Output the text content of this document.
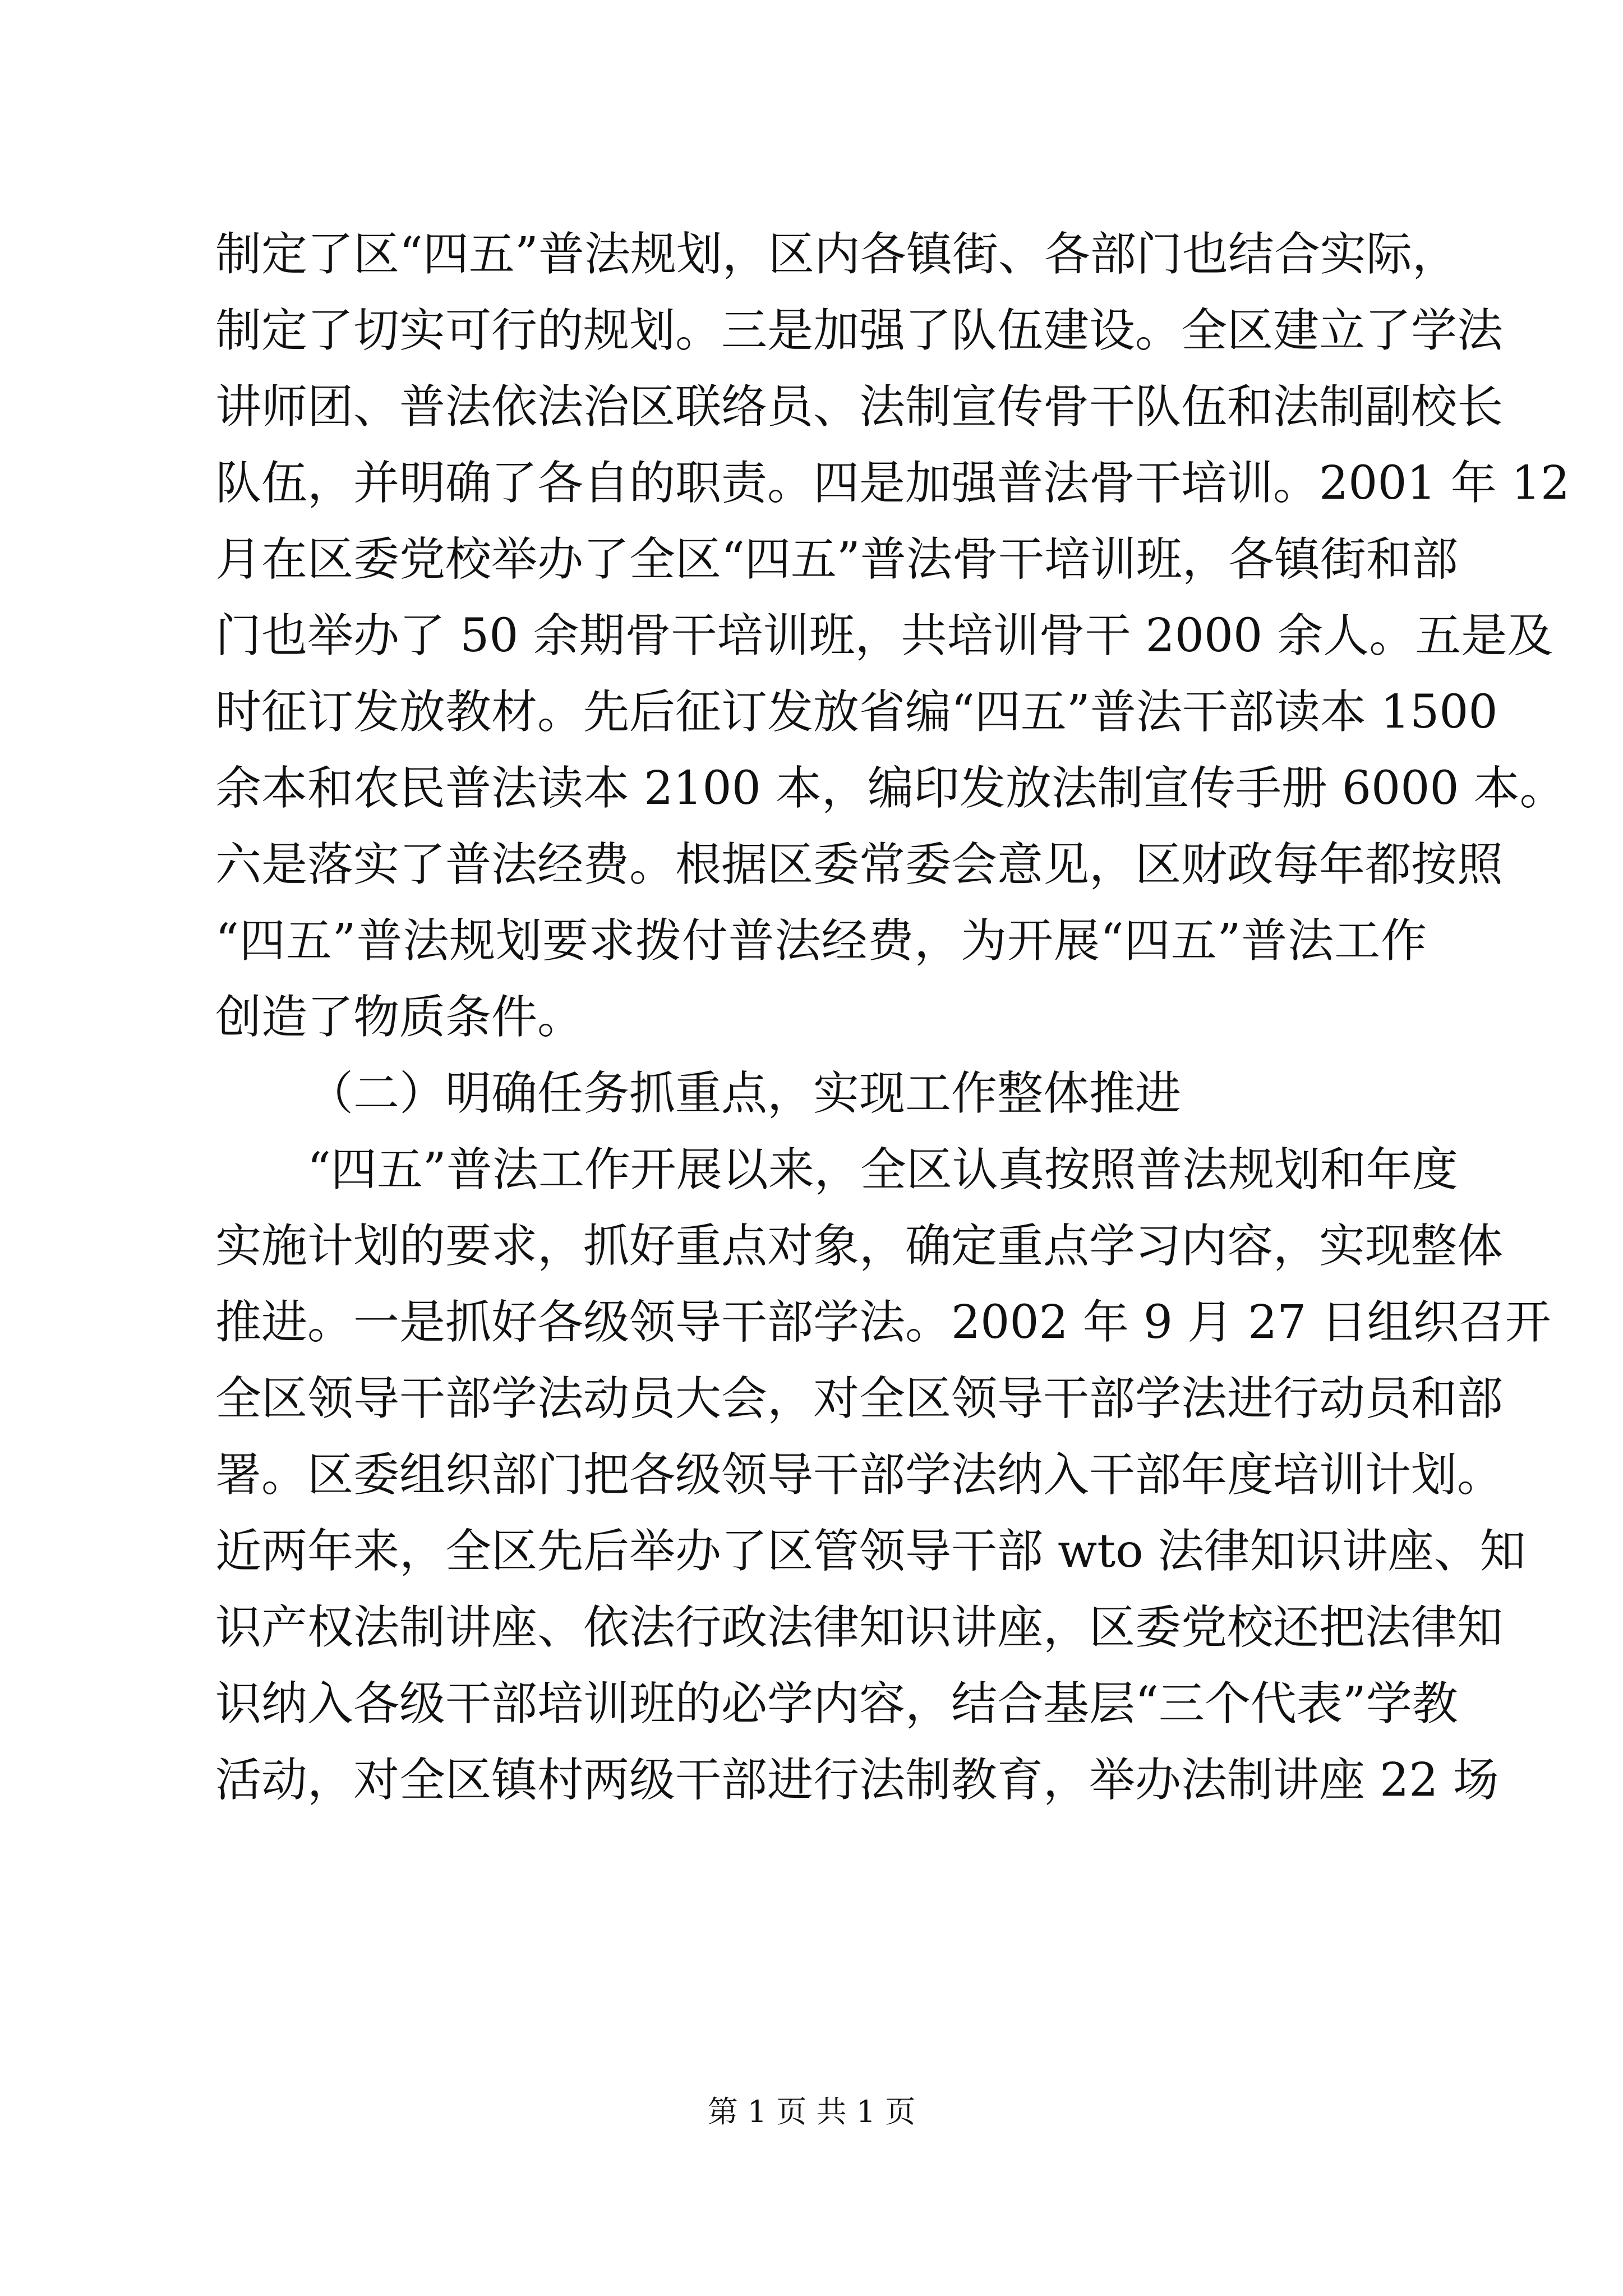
制定了区“四五”普法规划，区内各镇街、各部门也结合实际，
制定了切实可行的规划。三是加强了队伍建设。全区建立了学法
讲师团、普法依法治区联络员、法制宣传骨干队伍和法制副校长
队伍，并明确了各自的职责。四是加强普法骨干培训。2001 年 12
月在区委党校举办了全区“四五”普法骨干培训班，各镇街和部
门也举办了 50 余期骨干培训班，共培训骨干 2000 余人。五是及
时征订发放教材。先后征订发放省编“四五”普法干部读本 1500
余本和农民普法读本 2100 本，编印发放法制宣传手册 6000 本。
六是落实了普法经费。根据区委常委会意见，区财政每年都按照
“四五”普法规划要求拨付普法经费，为开展“四五”普法工作
创造了物质条件。
（二）明确任务抓重点，实现工作整体推进
“四五”普法工作开展以来，全区认真按照普法规划和年度
实施计划的要求，抓好重点对象，确定重点学习内容，实现整体
推进。一是抓好各级领导干部学法。2002 年 9 月 27 日组织召开
全区领导干部学法动员大会，对全区领导干部学法进行动员和部
署。区委组织部门把各级领导干部学法纳入干部年度培训计划。
近两年来，全区先后举办了区管领导干部 wto 法律知识讲座、知
识产权法制讲座、依法行政法律知识讲座，区委党校还把法律知
识纳入各级干部培训班的必学内容，结合基层“三个代表”学教
活动，对全区镇村两级干部进行法制教育，举办法制讲座 22 场
第 1 页 共 1 页
